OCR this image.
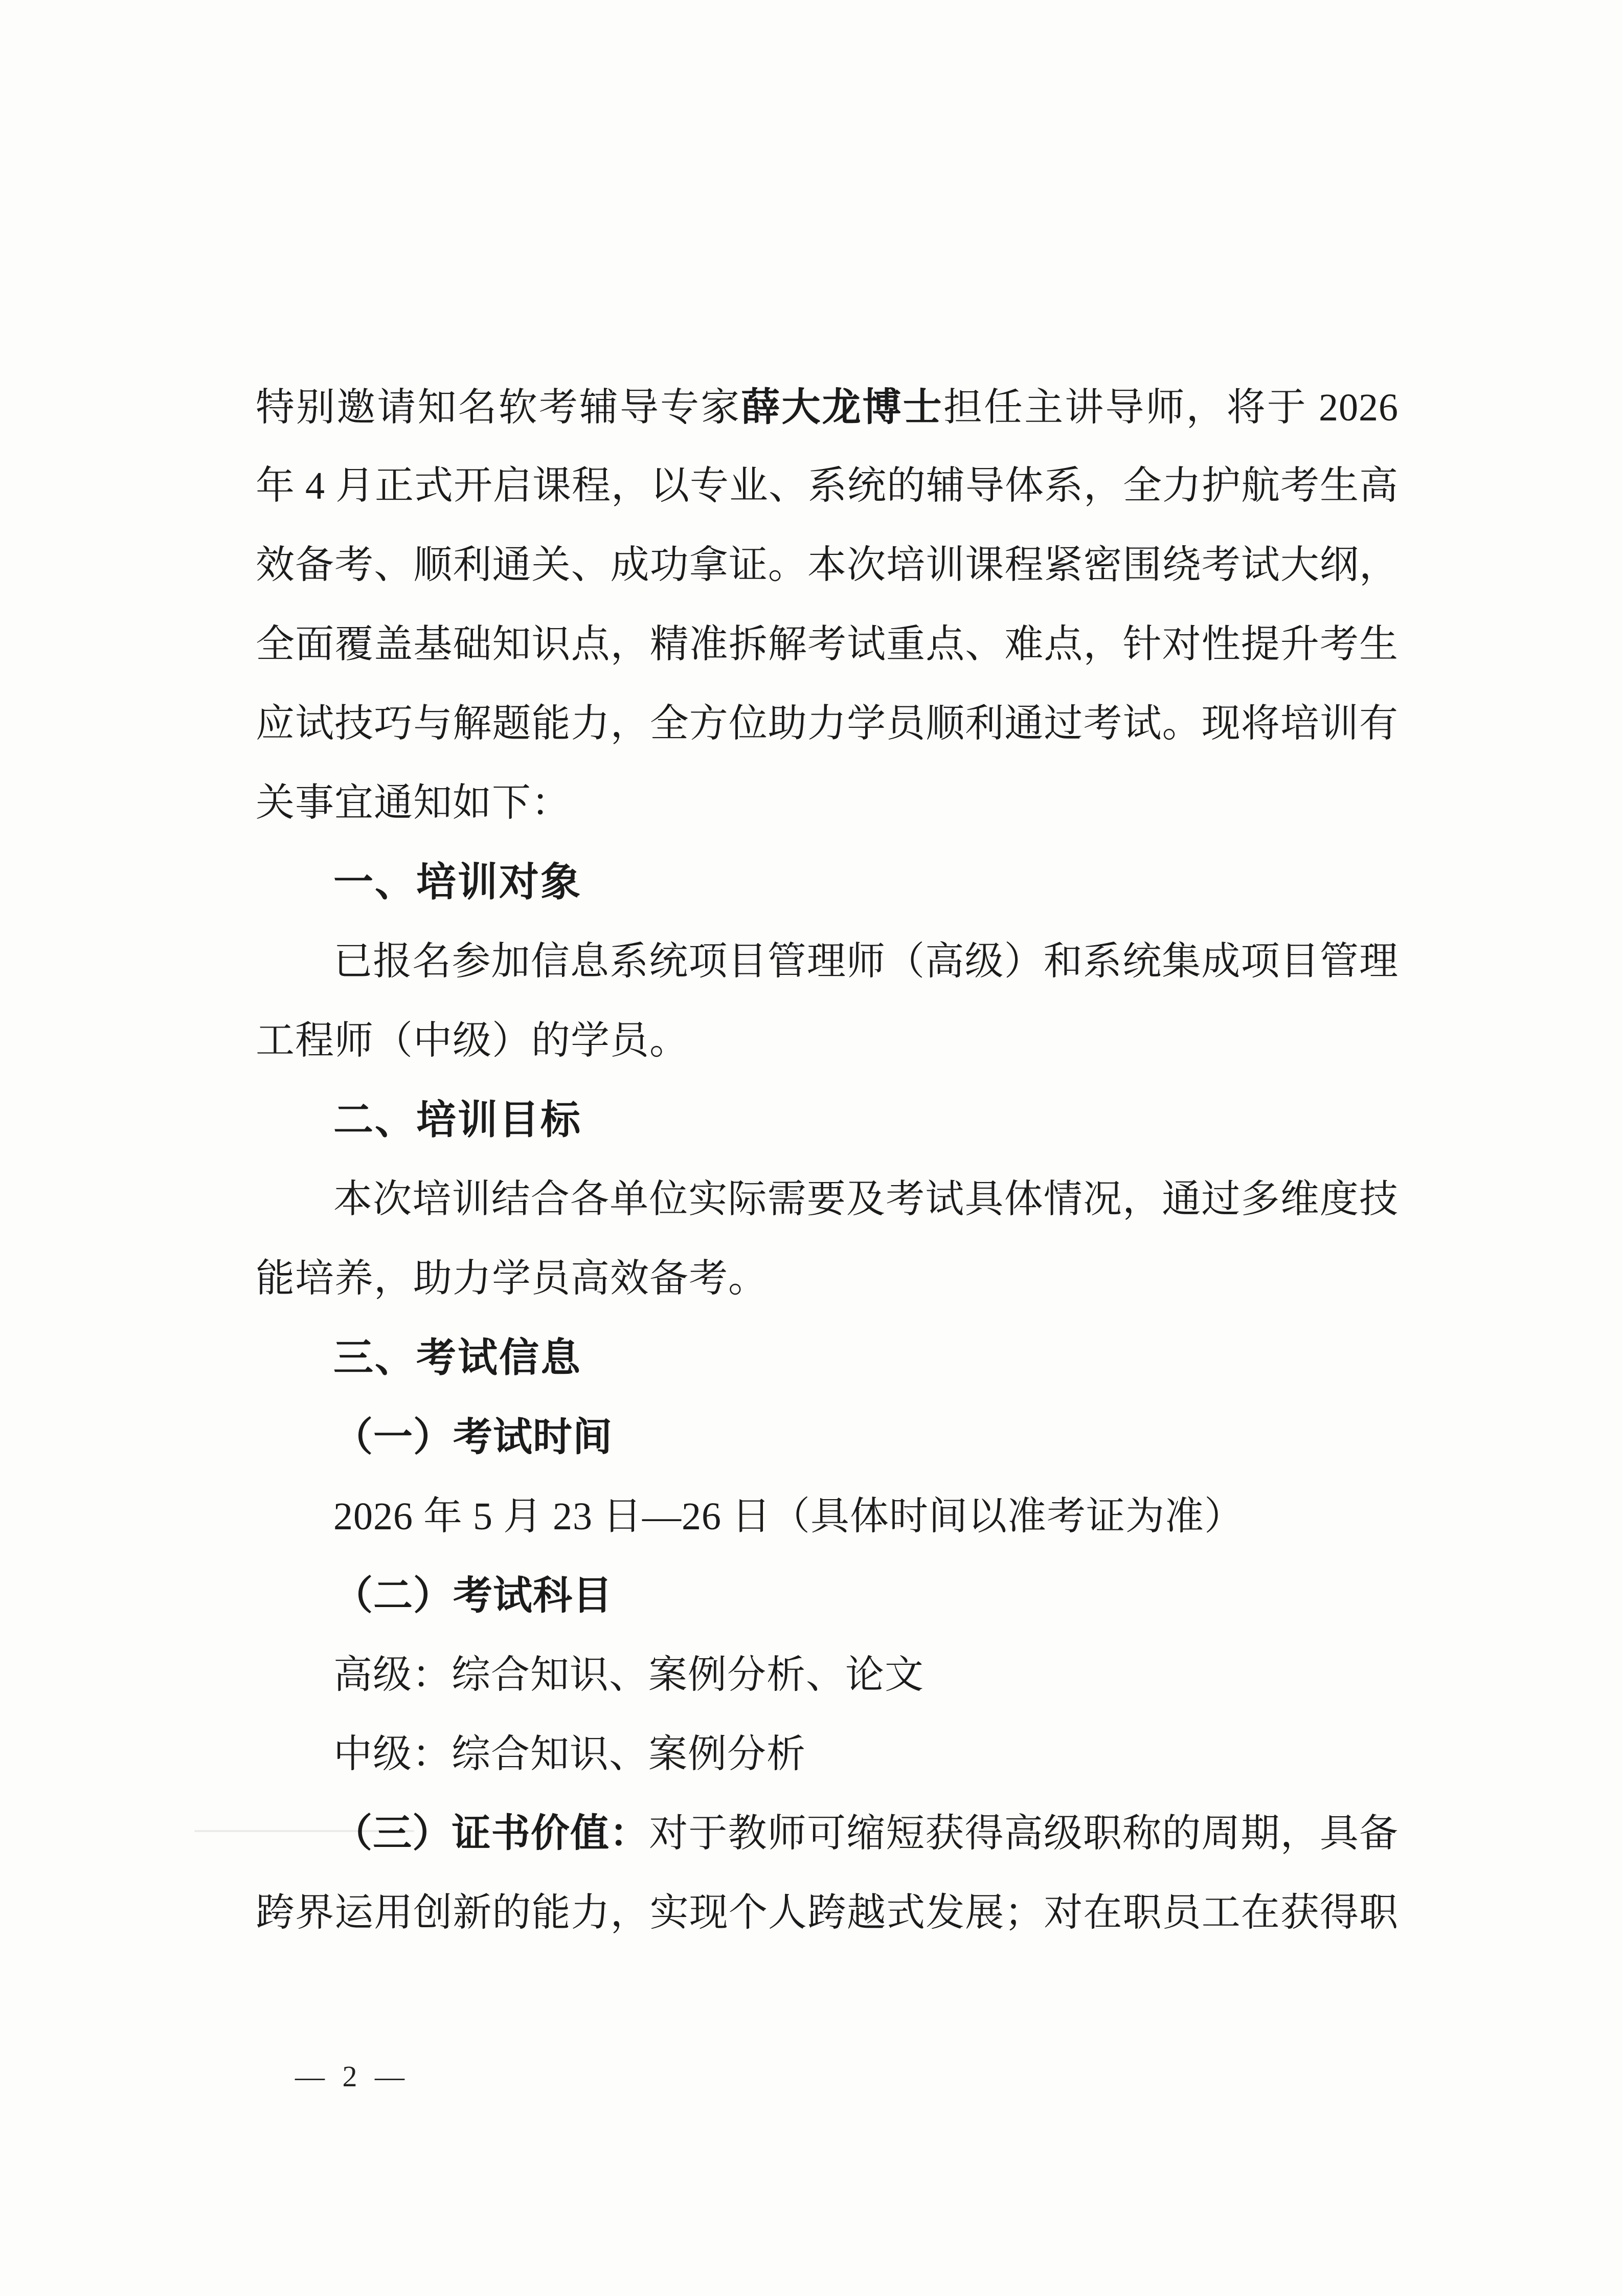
特别邀请知名软考辅导专家薛大龙博士担任主讲导师，将于 2026
年 4 月正式开启课程，以专业、系统的辅导体系，全力护航考生高
效备考、顺利通关、成功拿证。本次培训课程紧密围绕考试大纲，
全面覆盖基础知识点，精准拆解考试重点、难点，针对性提升考生
应试技巧与解题能力，全方位助力学员顺利通过考试。现将培训有
关事宜通知如下：
一、培训对象
已报名参加信息系统项目管理师（高级）和系统集成项目管理
工程师（中级）的学员。
二、培训目标
本次培训结合各单位实际需要及考试具体情况，通过多维度技
能培养，助力学员高效备考。
三、考试信息
（一）考试时间
2026 年 5 月 23 日—26 日（具体时间以准考证为准）
（二）考试科目
高级：综合知识、案例分析、论文
中级：综合知识、案例分析
（三）证书价值：对于教师可缩短获得高级职称的周期，具备
跨界运用创新的能力，实现个人跨越式发展；对在职员工在获得职
— 2 —
